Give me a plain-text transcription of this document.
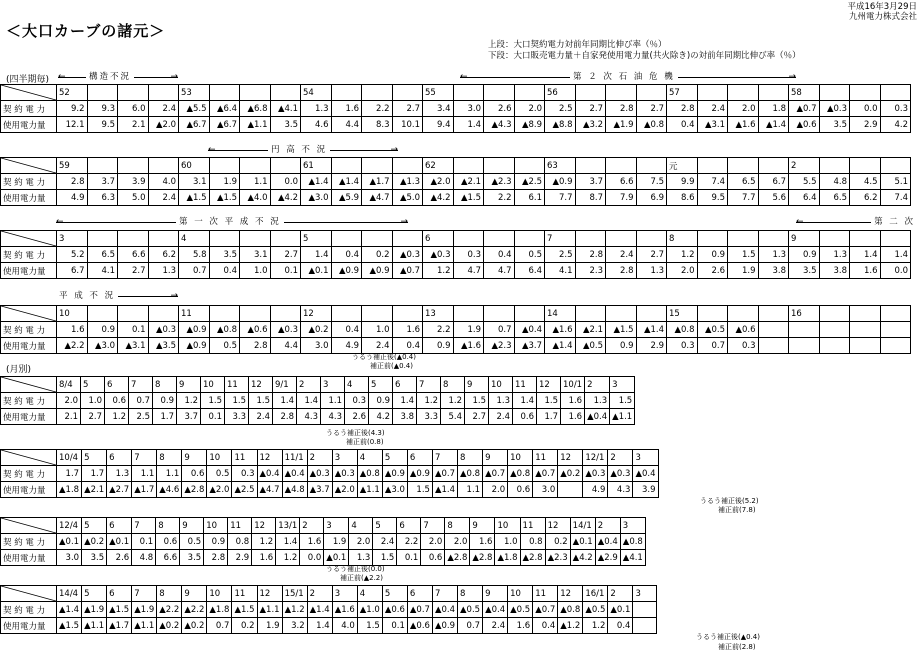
＜大口カーブの諸元＞
平成16年3月29日
九州電力株式会社
上段：大口契約電力対前年同期比伸び率（％）
下段：大口販売電力量＋自家発使用電力量(共火除き)の対前年同期比伸び率（％）
(四半期毎)
(月別)
←	→
構造不況	←	→
第 ２ 次 石 油 危 機
←	→
円 高 不 況
←	→
第 一 次 平 成 不 況	←	第 二 次
→
平 成 不 況
	52				53				54				55				56				57				58			
契 約 電 力	9.2	9.3	6.0	2.4	▲5.5	▲6.4	▲6.8	▲4.1	1.3	1.6	2.2	2.7	3.4	3.0	2.6	2.0	2.5	2.7	2.8	2.7	2.8	2.4	2.0	1.8	▲0.7	▲0.3	0.0	0.3
使用電力量	12.1	9.5	2.1	▲2.0	▲6.7	▲6.7	▲1.1	3.5	4.6	4.4	8.3	10.1	9.4	1.4	▲4.3	▲8.9	▲8.8	▲3.2	▲1.9	▲0.8	0.4	▲3.1	▲1.6	▲1.4	▲0.6	3.5	2.9	4.2
	59				60				61				62				63				元				2			
契 約 電 力	2.8	3.7	3.9	4.0	3.1	1.9	1.1	0.0	▲1.4	▲1.4	▲1.7	▲1.3	▲2.0	▲2.1	▲2.3	▲2.5	▲0.9	3.7	6.6	7.5	9.9	7.4	6.5	6.7	5.5	4.8	4.5	5.1
使用電力量	4.9	6.3	5.0	2.4	▲1.5	▲1.5	▲4.0	▲4.2	▲3.0	▲5.9	▲4.7	▲5.0	▲4.2	▲1.5	2.2	6.1	7.7	8.7	7.9	6.9	8.6	9.5	7.7	5.6	6.4	6.5	6.2	7.4
	3				4				5				6				7				8				9			
契 約 電 力	5.2	6.5	6.6	6.2	5.8	3.5	3.1	2.7	1.4	0.4	0.2	▲0.3	▲0.3	0.3	0.4	0.5	2.5	2.8	2.4	2.7	1.2	0.9	1.5	1.3	0.9	1.3	1.4	1.4
使用電力量	6.7	4.1	2.7	1.3	0.7	0.4	1.0	0.1	▲0.1	▲0.9	▲0.9	▲0.7	1.2	4.7	4.7	6.4	4.1	2.3	2.8	1.3	2.0	2.6	1.9	3.8	3.5	3.8	1.6	0.0
	10				11				12				13				14				15				16			
契 約 電 力	1.6	0.9	0.1	▲0.3	▲0.9	▲0.8	▲0.6	▲0.3	▲0.2	0.4	1.0	1.6	2.2	1.9	0.7	▲0.4	▲1.6	▲2.1	▲1.5	▲1.4	▲0.8	▲0.5	▲0.6					
使用電力量	▲2.2	▲3.0	▲3.1	▲3.5	▲0.9	0.5	2.8	4.4	3.0	4.9	2.4	0.4	0.9	▲1.6	▲2.3	▲3.7	▲1.4	▲0.5	0.9	2.9	0.3	0.7	0.3					
	8/4	5	6	7	8	9	10	11	12	9/1	2	3	4	5	6	7	8	9	10	11	12	10/1	2	3
契 約 電 力	2.0	1.0	0.6	0.7	0.9	1.2	1.5	1.5	1.5	1.4	1.4	1.1	0.3	0.9	1.4	1.2	1.2	1.5	1.3	1.4	1.5	1.6	1.3	1.5
使用電力量	2.1	2.7	1.2	2.5	1.7	3.7	0.1	3.3	2.4	2.8	4.3	4.3	2.6	4.2	3.8	3.3	5.4	2.7	2.4	0.6	1.7	1.6	▲0.4	▲1.1
	10/4	5	6	7	8	9	10	11	12	11/1	2	3	4	5	6	7	8	9	10	11	12	12/1	2	3
契 約 電 力	1.7	1.7	1.3	1.1	1.1	0.6	0.5	0.3	▲0.4	▲0.4	▲0.3	▲0.3	▲0.8	▲0.9	▲0.9	▲0.7	▲0.8	▲0.7	▲0.8	▲0.7	▲0.2	▲0.3	▲0.3	▲0.4
使用電力量	▲1.8	▲2.1	▲2.7	▲1.7	▲4.6	▲2.8	▲2.0	▲2.5	▲4.7	▲4.8	▲3.7	▲2.0	▲1.1	▲3.0	1.5	▲1.4	1.1	2.0	0.6	3.0		4.9	4.3	3.9
	12/4	5	6	7	8	9	10	11	12	13/1	2	3	4	5	6	7	8	9	10	11	12	14/1	2	3
契 約 電 力	▲0.1	▲0.2	▲0.1	0.1	0.6	0.5	0.9	0.8	1.2	1.4	1.6	1.9	2.0	2.4	2.2	2.0	2.0	1.6	1.0	0.8	0.2	▲0.1	▲0.4	▲0.8
使用電力量	3.0	3.5	2.6	4.8	6.6	3.5	2.8	2.9	1.6	1.2	0.0	▲0.1	1.3	1.5	0.1	0.6	▲2.8	▲2.8	▲1.8	▲2.8	▲2.3	▲4.2	▲2.9	▲4.1
	14/4	5	6	7	8	9	10	11	12	15/1	2	3	4	5	6	7	8	9	10	11	12	16/1	2	3
契 約 電 力	▲1.4	▲1.9	▲1.5	▲1.9	▲2.2	▲2.2	▲1.8	▲1.5	▲1.1	▲1.2	▲1.4	▲1.6	▲1.0	▲0.6	▲0.7	▲0.4	▲0.5	▲0.4	▲0.5	▲0.7	▲0.8	▲0.5	▲0.1	
使用電力量	▲1.5	▲1.1	▲1.7	▲1.1	▲0.2	▲0.2	0.7	0.2	1.9	3.2	1.4	4.0	1.5	0.1	▲0.6	▲0.9	0.7	2.4	1.6	0.4	▲1.2	1.2	0.4	
うるう補正後(▲0.4)
補正前(▲0.4)
うるう補正後(4.3)
補正前(0.8)
うるう補正後(5.2)
補正前(7.8)
うるう補正後(0.0)
補正前(▲2.2)
うるう補正後(▲0.4)
補正前(2.8)
